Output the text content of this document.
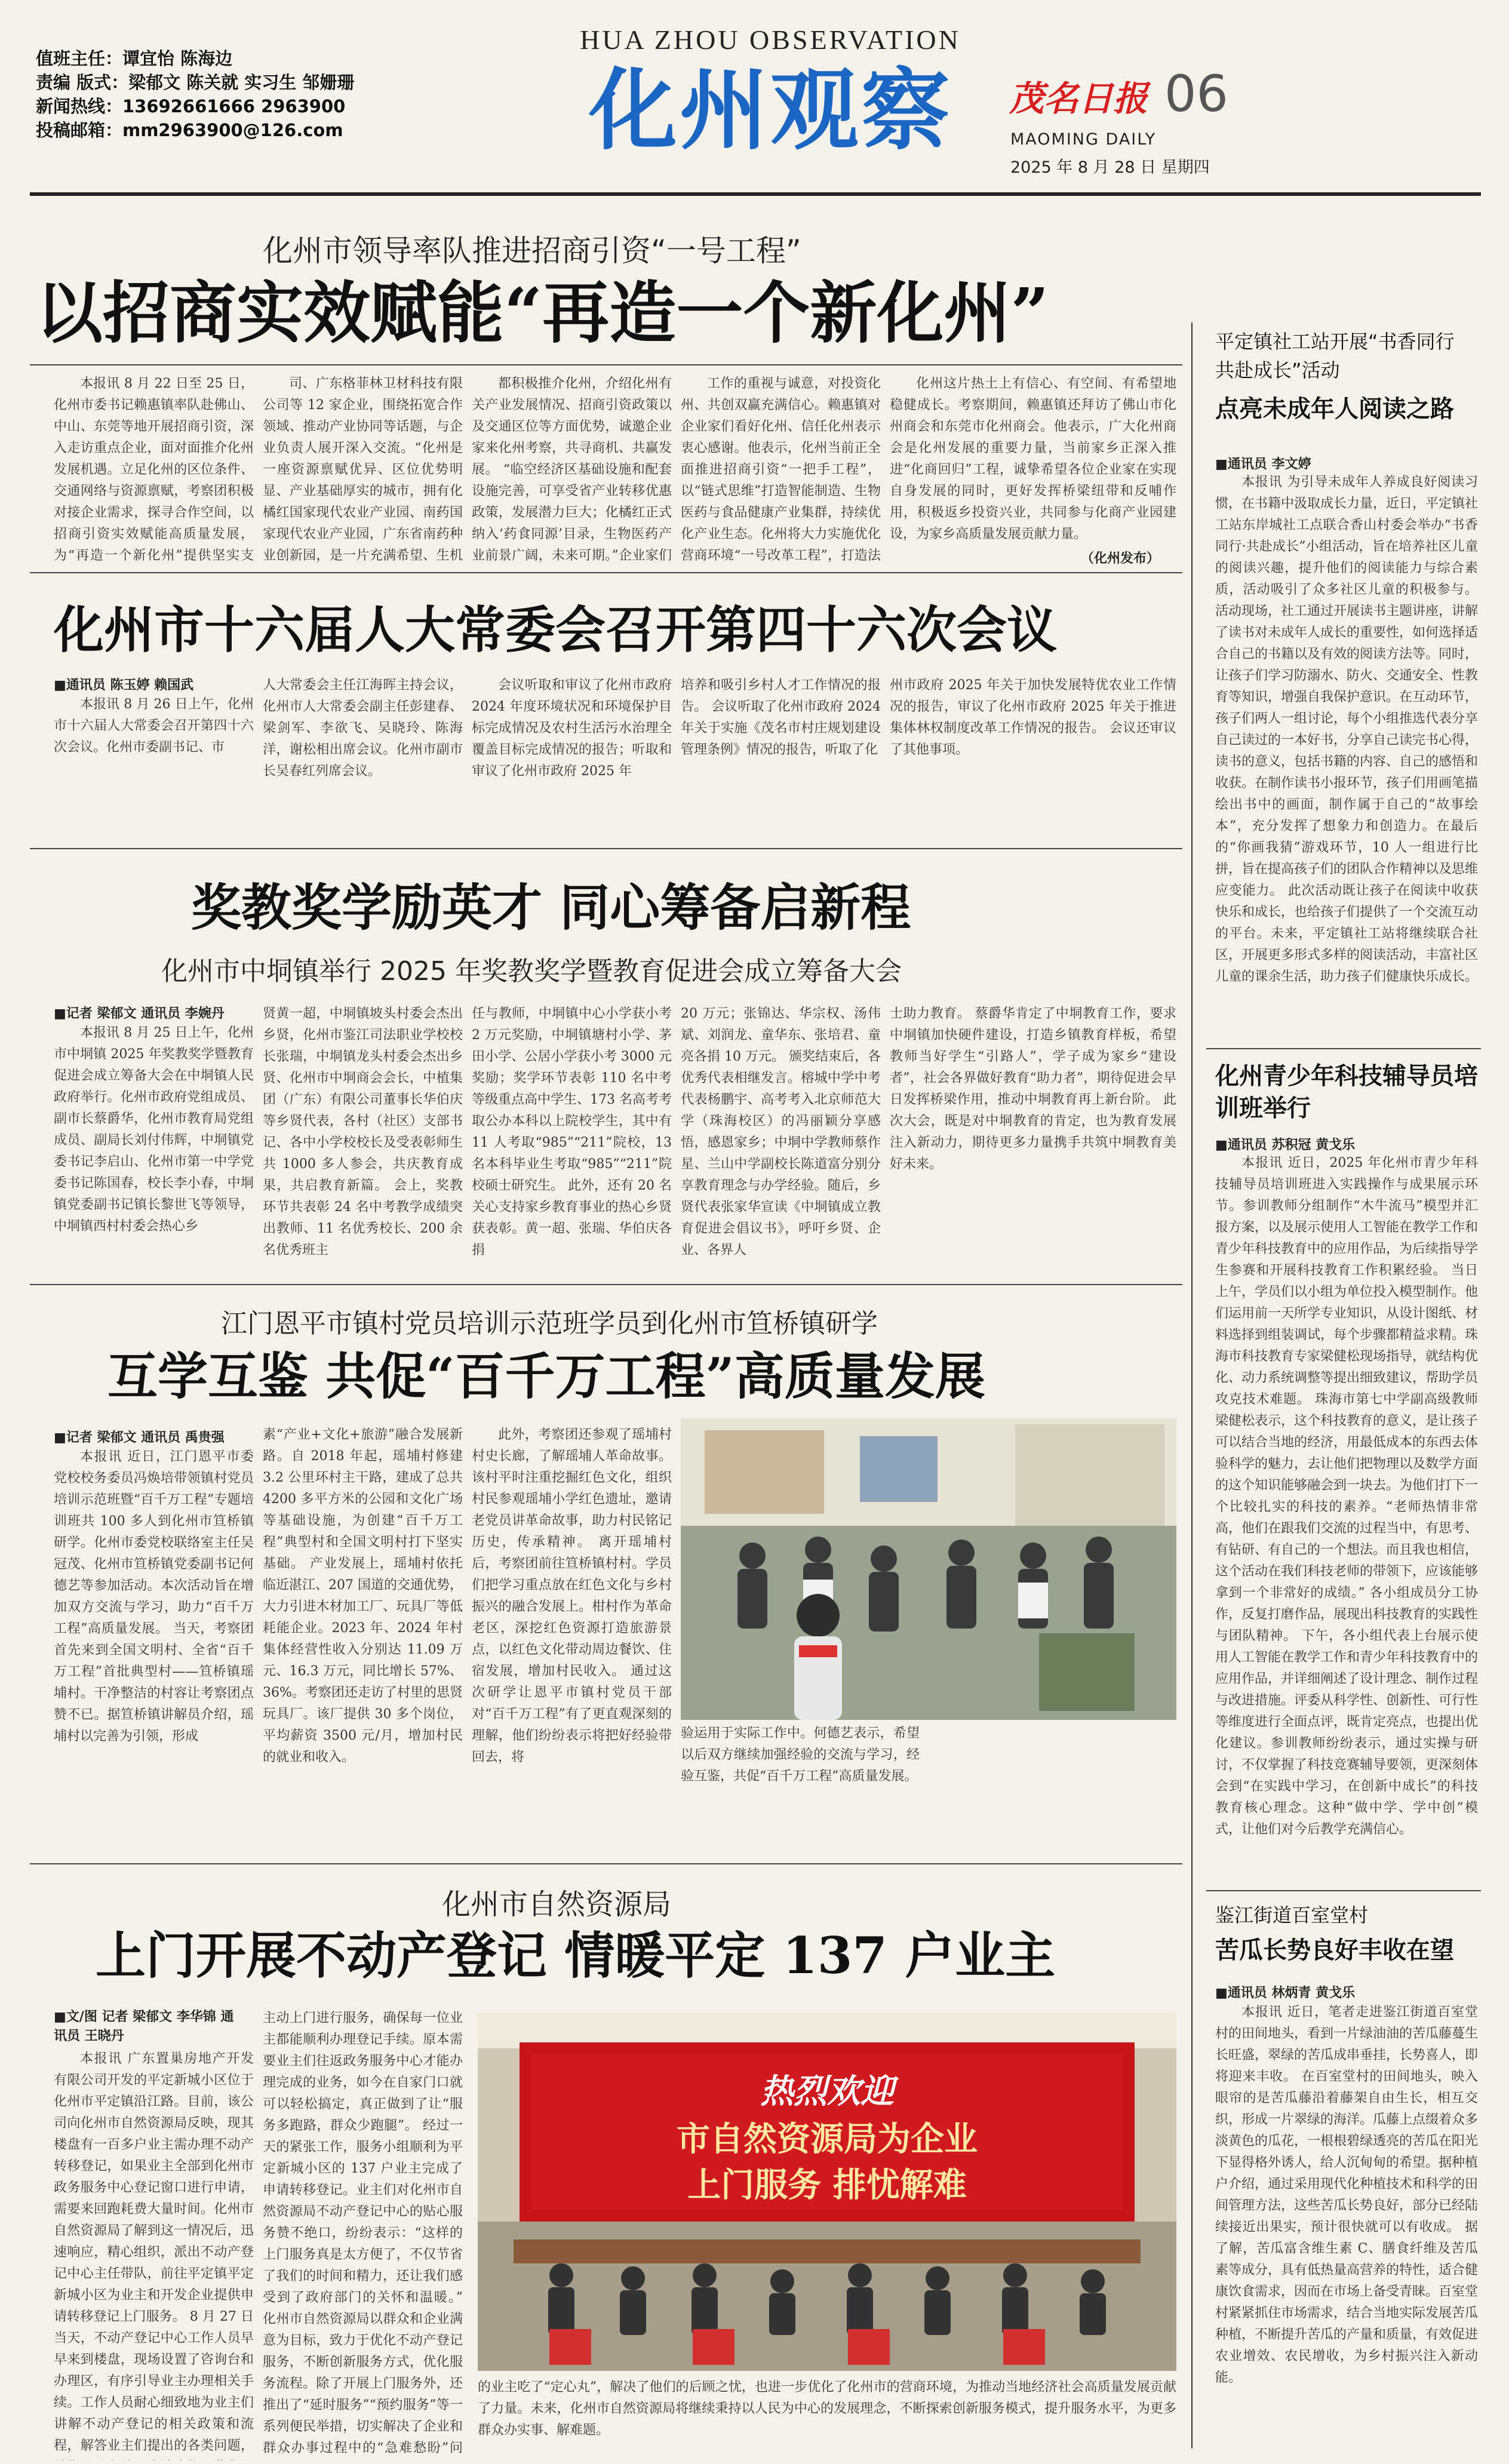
值班主任：谭宜怡 陈海边
责编 版式：梁郁文 陈关就 实习生 邹姗珊
新闻热线：13692661666 2963900
投稿邮箱：mm2963900@126.com
HUA ZHOU OBSERVATION
化州观察	茂名日报 06
MAOMING DAILY
2025 年 8 月 28 日 星期四
化州市领导率队推进招商引资“一号工程”
以招商实效赋能“再造一个新化州”

本报讯 8 月 22 日至 25 日，化州市委书记赖惠镇率队赴佛山、中山、东莞等地开展招商引资，深入走访重点企业，面对面推介化州发展机遇。立足化州的区位条件、交通网络与资源禀赋，考察团积极对接企业需求，探寻合作空间，以招商引资实效赋能高质量发展，为“再造一个新化州”提供坚实支

司、广东格菲林卫材科技有限公司等 12 家企业，围绕拓宽合作领域、推动产业协同等话题，与企业负责人展开深入交流。“化州是一座资源禀赋优异、区位优势明显、产业基础厚实的城市，拥有化橘红国家现代农业产业园、南药国家现代农业产业园，广东省南药种业创新园，是一片充满希望、生机

都积极推介化州，介绍化州有关产业发展情况、招商引资政策以及交通区位等方面优势，诚邀企业家来化州考察，共寻商机、共赢发展。 “临空经济区基础设施和配套设施完善，可享受省产业转移优惠政策，发展潜力巨大；化橘红正式纳入‘药食同源’目录，生物医药产业前景广阔，未来可期。”企业家们

工作的重视与诚意，对投资化州、共创双赢充满信心。赖惠镇对企业家们看好化州、信任化州表示衷心感谢。他表示，化州当前正全面推进招商引资“一把手工程”，以“链式思维”打造智能制造、生物医药与食品健康产业集群，持续优化产业生态。化州将大力实施优化营商环境“一号改革工程”，打造法

化州这片热土上有信心、有空间、有希望地稳健成长。考察期间，赖惠镇还拜访了佛山市化州商会和东莞市化州商会。他表示，广大化州商会是化州发展的重要力量，当前家乡正深入推进“化商回归”工程，诚挚希望各位企业家在实现自身发展的同时，更好发挥桥梁纽带和反哺作用，积极返乡投资兴业，共同参与化商产业园建设，为家乡高质量发展贡献力量。

（化州发布）
化州市十六届人大常委会召开第四十六次会议
■通讯员 陈玉婷 赖国武

本报讯 8 月 26 日上午，化州市十六届人大常委会召开第四十六次会议。化州市委副书记、市

人大常委会主任江海晖主持会议，化州市人大常委会副主任彭建春、梁剑军、李欲飞、吴晓玲、陈海洋，谢松相出席会议。化州市副市长吴春红列席会议。

会议听取和审议了化州市政府 2024 年度环境状况和环境保护目标完成情况及农村生活污水治理全覆盖目标完成情况的报告；听取和审议了化州市政府 2025 年

培养和吸引乡村人才工作情况的报告。 会议听取了化州市政府 2024 年关于实施《茂名市村庄规划建设管理条例》情况的报告，听取了化

州市政府 2025 年关于加快发展特优农业工作情况的报告，审议了化州市政府 2025 年关于推进集体林权制度改革工作情况的报告。 会议还审议了其他事项。

奖教奖学励英才 同心筹备启新程
化州市中垌镇举行 2025 年奖教奖学暨教育促进会成立筹备大会
■记者 梁郁文 通讯员 李婉丹

本报讯 8 月 25 日上午，化州市中垌镇 2025 年奖教奖学暨教育促进会成立筹备大会在中垌镇人民政府举行。化州市政府党组成员、副市长蔡爵华，化州市教育局党组成员、副局长刘付伟辉，中垌镇党委书记李启山、化州市第一中学党委书记陈国春，校长李小春，中垌镇党委副书记镇长黎世飞等领导，中垌镇西村村委会热心乡

贤黄一超，中垌镇坡头村委会杰出乡贤，化州市鉴江司法职业学校校长张瑞，中垌镇龙头村委会杰出乡贤、化州市中垌商会会长，中植集团（广东）有限公司董事长华伯庆等乡贤代表，各村（社区）支部书记、各中小学校校长及受表彰师生共 1000 多人参会，共庆教育成果，共启教育新篇。 会上，奖教环节共表彰 24 名中考教学成绩突出教师、11 名优秀校长、200 余名优秀班主

任与教师，中垌镇中心小学获小考 2 万元奖励，中垌镇塘村小学、茅田小学、公居小学获小考 3000 元奖励；奖学环节表彰 110 名中考等级重点高中学生、173 名高考考取公办本科以上院校学生，其中有 11 人考取“985”“211”院校，13 名本科毕业生考取“985”“211”院校硕士研究生。 此外，还有 20 名关心支持家乡教育事业的热心乡贤获表彰。黄一超、张瑞、华伯庆各捐

20 万元；张锦达、华宗权、汤伟斌、刘润龙、童华东、张培君、童亮各捐 10 万元。 颁奖结束后，各优秀代表相继发言。榕城中学中考代表杨鹏宇、高考考入北京师范大学（珠海校区）的冯丽颖分享感悟，感恩家乡；中垌中学教师蔡作星、兰山中学副校长陈道富分别分享教育理念与办学经验。随后，乡贤代表张家华宣读《中垌镇成立教育促进会倡议书》，呼吁乡贤、企业、各界人

士助力教育。 蔡爵华肯定了中垌教育工作，要求中垌镇加快硬件建设，打造乡镇教育样板，希望教师当好学生“引路人”，学子成为家乡“建设者”，社会各界做好教育“助力者”，期待促进会早日发挥桥梁作用，推动中垌教育再上新台阶。 此次大会，既是对中垌教育的肯定，也为教育发展注入新动力，期待更多力量携手共筑中垌教育美好未来。

江门恩平市镇村党员培训示范班学员到化州市笪桥镇研学
互学互鉴 共促“百千万工程”高质量发展
■记者 梁郁文 通讯员 禹贵强

本报讯 近日，江门恩平市委党校校务委员冯焕培带领镇村党员培训示范班暨“百千万工程”专题培训班共 100 多人到化州市笪桥镇研学。化州市委党校联络室主任吴冠茂、化州市笪桥镇党委副书记何德艺等参加活动。本次活动旨在增加双方交流与学习，助力“百千万工程”高质量发展。 当天，考察团首先来到全国文明村、全省“百千万工程”首批典型村——笪桥镇瑶埔村。干净整洁的村容让考察团点赞不已。据笪桥镇讲解员介绍，瑶埔村以完善为引领，形成

素“产业+文化+旅游”融合发展新路。自 2018 年起，瑶埔村修建 3.2 公里环村主干路，建成了总共 4200 多平方米的公园和文化广场等基础设施，为创建“百千万工程”典型村和全国文明村打下坚实基础。 产业发展上，瑶埔村依托临近湛江、207 国道的交通优势，大力引进木材加工厂、玩具厂等低耗能企业。2023 年、2024 年村集体经营性收入分别达 11.09 万元、16.3 万元，同比增长 57%、36%。考察团还走访了村里的思贤玩具厂。该厂提供 30 多个岗位，平均薪资 3500 元/月，增加村民的就业和收入。

此外，考察团还参观了瑶埔村村史长廊，了解瑶埔人革命故事。该村平时注重挖掘红色文化，组织村民参观瑶埔小学红色遗址，邀请老党员讲革命故事，助力村民铭记历史，传承精神。 离开瑶埔村后，考察团前往笪桥镇村村。学员们把学习重点放在红色文化与乡村振兴的融合发展上。柑村作为革命老区，深挖红色资源打造旅游景点，以红色文化带动周边餐饮、住宿发展，增加村民收入。 通过这次研学让恩平市镇村党员干部对“百千万工程”有了更直观深刻的理解，他们纷纷表示将把好经验带回去，将

验运用于实际工作中。何德艺表示，希望以后双方继续加强经验的交流与学习，经验互鉴，共促“百千万工程”高质量发展。

化州市自然资源局
上门开展不动产登记 情暖平定 137 户业主
■文/图 记者 梁郁文 李华锦 通讯员 王晓丹

本报讯 广东置巢房地产开发有限公司开发的平定新城小区位于化州市平定镇沿江路。目前，该公司向化州市自然资源局反映，现其楼盘有一百多户业主需办理不动产转移登记，如果业主全部到化州市政务服务中心登记窗口进行申请，需要来回跑耗费大量时间。化州市自然资源局了解到这一情况后，迅速响应，精心组织，派出不动产登记中心主任带队，前往平定镇平定新城小区为业主和开发企业提供申请转移登记上门服务。 8 月 27 日当天，不动产登记中心工作人员早早来到楼盘，现场设置了咨询台和办理区，有序引导业主办理相关手续。工作人员耐心细致地为业主们讲解不动产登记的相关政策和流程，解答业主们提出的各类问题，

主动上门进行服务，确保每一位业主都能顺利办理登记手续。原本需要业主们往返政务服务中心才能办理完成的业务，如今在自家门口就可以轻松搞定，真正做到了让“服务多跑路，群众少跑腿”。 经过一天的紧张工作，服务小组顺利为平定新城小区的 137 户业主完成了申请转移登记。业主们对化州市自然资源局不动产登记中心的贴心服务赞不绝口，纷纷表示：“这样的上门服务真是太方便了，不仅节省了我们的时间和精力，还让我们感受到了政府部门的关怀和温暖。” 化州市自然资源局以群众和企业满意为目标，致力于优化不动产登记服务，不断创新服务方式，优化服务流程。除了开展上门服务外，还推出了“延时服务”“预约服务”等一系列便民举措，切实解决了企业和群众办事过程中的“急难愁盼”问

热烈欢迎
市自然资源局为企业
上门服务 排忧解难

的业主吃了“定心丸”，解决了他们的后顾之忧，也进一步优化了化州市的营商环境，为推动当地经济社会高质量发展贡献了力量。未来，化州市自然资源局将继续秉持以人民为中心的发展理念，不断探索创新服务模式，提升服务水平，为更多群众办实事、解难题。

平定镇社工站开展“书香同行 共赴成长”活动
点亮未成年人阅读之路
■通讯员 李文婷

本报讯 为引导未成年人养成良好阅读习惯，在书籍中汲取成长力量，近日，平定镇社工站东岸城社工点联合香山村委会举办“书香同行·共赴成长”小组活动，旨在培养社区儿童的阅读兴趣，提升他们的阅读能力与综合素质，活动吸引了众多社区儿童的积极参与。 活动现场，社工通过开展读书主题讲座，讲解了读书对未成年人成长的重要性，如何选择适合自己的书籍以及有效的阅读方法等。同时，让孩子们学习防溺水、防火、交通安全、性教育等知识，增强自我保护意识。在互动环节，孩子们两人一组讨论，每个小组推选代表分享自己读过的一本好书，分享自己读完书心得，读书的意义，包括书籍的内容、自己的感悟和收获。在制作读书小报环节，孩子们用画笔描绘出书中的画面，制作属于自己的“故事绘本”，充分发挥了想象力和创造力。在最后的“你画我猜”游戏环节，10 人一组进行比拼，旨在提高孩子们的团队合作精神以及思维应变能力。 此次活动既让孩子在阅读中收获快乐和成长，也给孩子们提供了一个交流互动的平台。未来，平定镇社工站将继续联合社区，开展更多形式多样的阅读活动，丰富社区儿童的课余生活，助力孩子们健康快乐成长。

化州青少年科技辅导员培训班举行
■通讯员 苏积冠 黄戈乐

本报讯 近日，2025 年化州市青少年科技辅导员培训班进入实践操作与成果展示环节。参训教师分组制作“木牛流马”模型并汇报方案，以及展示使用人工智能在教学工作和青少年科技教育中的应用作品，为后续指导学生参赛和开展科技教育工作积累经验。 当日上午，学员们以小组为单位投入模型制作。他们运用前一天所学专业知识，从设计图纸、材料选择到组装调试，每个步骤都精益求精。珠海市科技教育专家梁健松现场指导，就结构优化、动力系统调整等提出细致建议，帮助学员攻克技术难题。 珠海市第七中学副高级教师梁健松表示，这个科技教育的意义，是让孩子可以结合当地的经济，用最低成本的东西去体验科学的魅力，去让他们把物理以及数学方面的这个知识能够融会到一块去。为他们打下一个比较扎实的科技的素养。“老师热情非常高，他们在跟我们交流的过程当中，有思考、有钻研、有自己的一个想法。而且我也相信，这个活动在我们科技老师的带领下，应该能够拿到一个非常好的成绩。” 各小组成员分工协作，反复打磨作品，展现出科技教育的实践性与团队精神。 下午，各小组代表上台展示使用人工智能在教学工作和青少年科技教育中的应用作品，并详细阐述了设计理念、制作过程与改进措施。评委从科学性、创新性、可行性等维度进行全面点评，既肯定亮点，也提出优化建议。参训教师纷纷表示，通过实操与研讨，不仅掌握了科技竞赛辅导要领，更深刻体会到“在实践中学习，在创新中成长”的科技教育核心理念。这种“做中学、学中创”模式，让他们对今后教学充满信心。

鉴江街道百室堂村
苦瓜长势良好丰收在望
■通讯员 林炳青 黄戈乐

本报讯 近日，笔者走进鉴江街道百室堂村的田间地头，看到一片绿油油的苦瓜藤蔓生长旺盛，翠绿的苦瓜成串垂挂，长势喜人，即将迎来丰收。 在百室堂村的田间地头，映入眼帘的是苦瓜藤沿着藤架自由生长，相互交织，形成一片翠绿的海洋。瓜藤上点缀着众多淡黄色的瓜花，一根根碧绿透亮的苦瓜在阳光下显得格外诱人，给人沉甸甸的希望。据种植户介绍，通过采用现代化种植技术和科学的田间管理方法，这些苦瓜长势良好，部分已经陆续接近出果实，预计很快就可以有收成。 据了解，苦瓜富含维生素 C、膳食纤维及苦瓜素等成分，具有低热量高营养的特性，适合健康饮食需求，因而在市场上备受青睐。百室堂村紧紧抓住市场需求，结合当地实际发展苦瓜种植，不断提升苦瓜的产量和质量，有效促进农业增效、农民增收，为乡村振兴注入新动能。
